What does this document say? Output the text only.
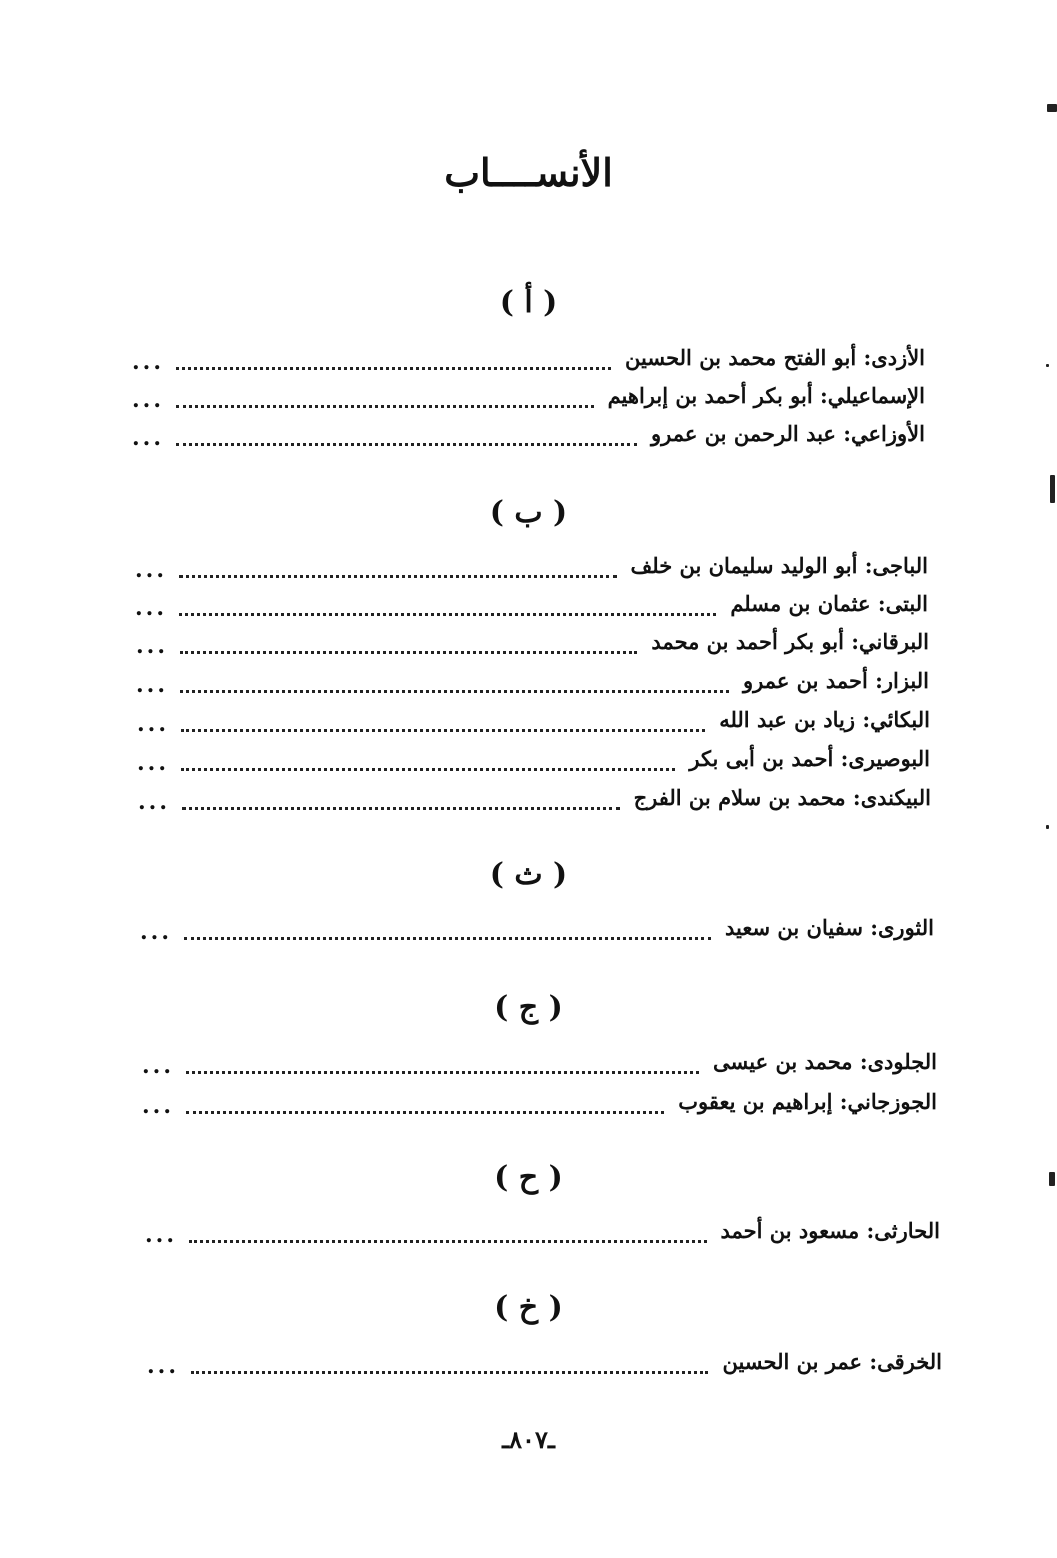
الأنســــاب
( أ )
الأزدى: أبو الفتح محمد بن الحسين
...
الإسماعيلي: أبو بكر أحمد بن إبراهيم
...
الأوزاعي: عبد الرحمن بن عمرو
...
( ب )
الباجى: أبو الوليد سليمان بن خلف
...
البتى: عثمان بن مسلم
...
البرقاني: أبو بكر أحمد بن محمد
...
البزار: أحمد بن عمرو
...
البكائي: زياد بن عبد الله
...
البوصيرى: أحمد بن أبى بكر
...
البيكندى: محمد بن سلام بن الفرج
...
( ث )
الثورى: سفيان بن سعيد
...
( ج )
الجلودى: محمد بن عيسى
...
الجوزجاني: إبراهيم بن يعقوب
...
( ح )
الحارثى: مسعود بن أحمد
...
( خ )
الخرقى: عمر بن الحسين
...
ـ٨٠٧ـ
